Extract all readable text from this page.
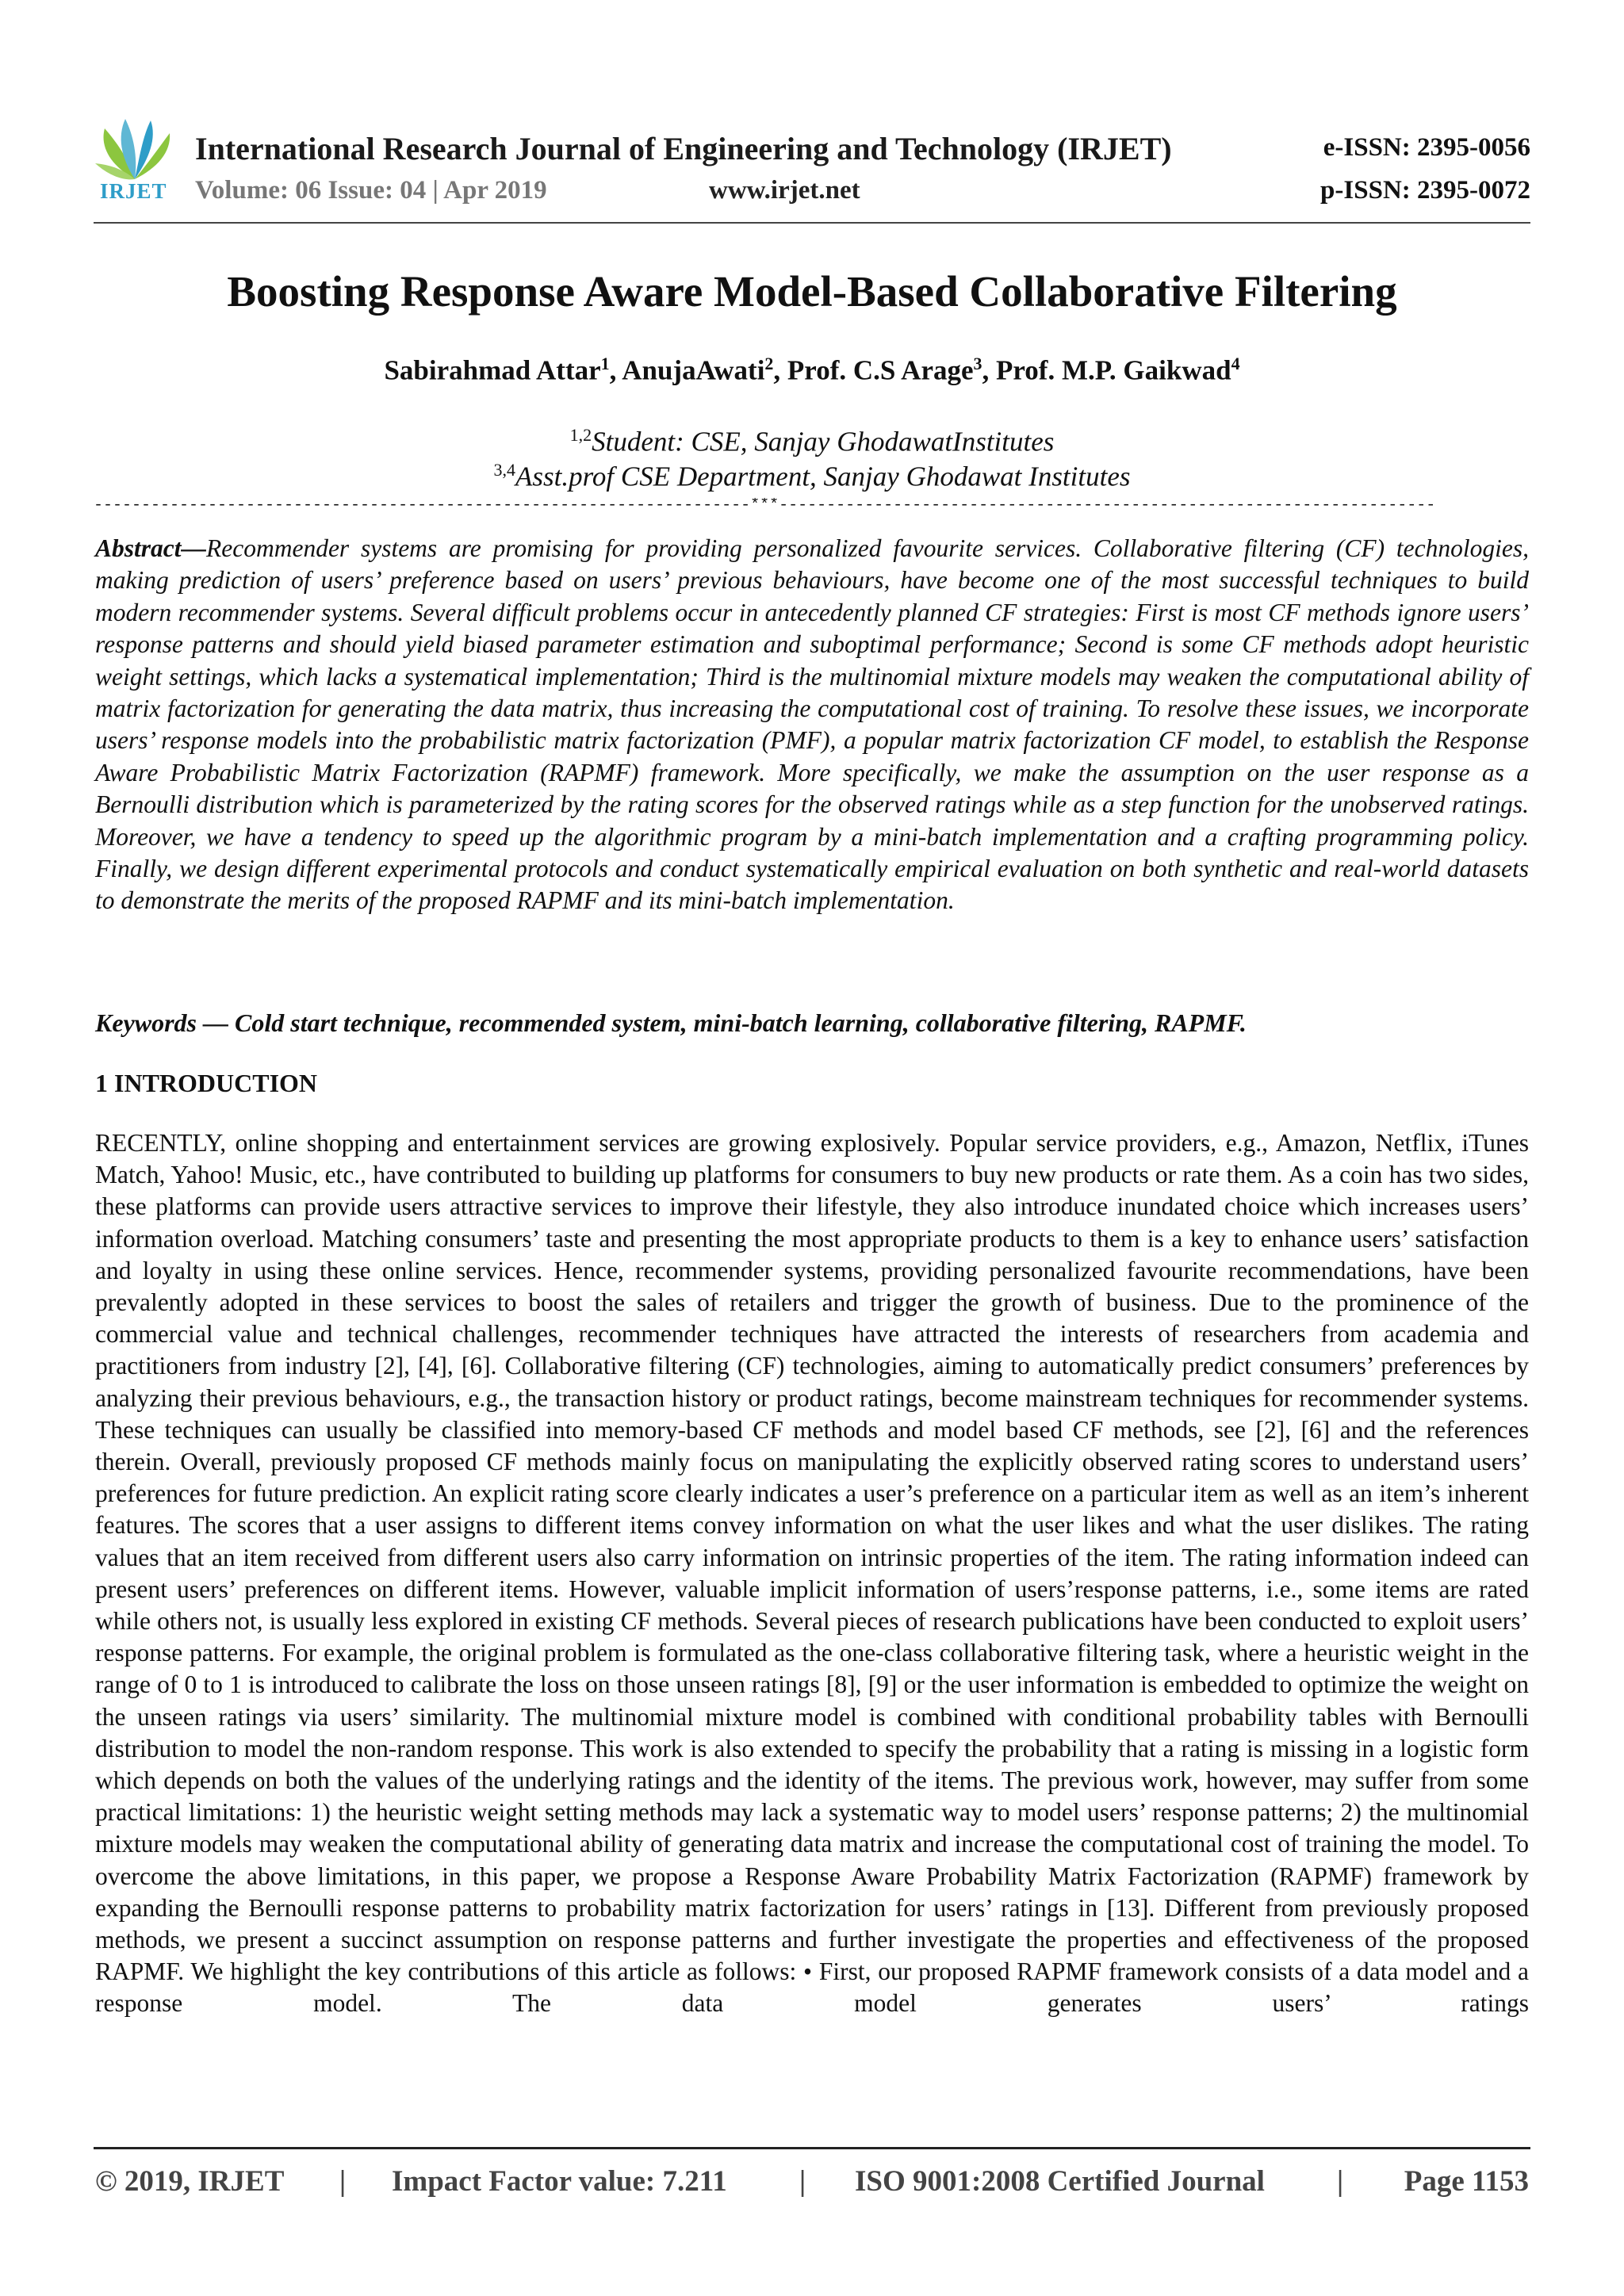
IRJET
International Research Journal of Engineering and Technology (IRJET)	e-ISSN: 2395-0056
Volume: 06 Issue: 04 | Apr 2019	www.irjet.net	p-ISSN: 2395-0072
Boosting Response Aware Model-Based Collaborative Filtering
Sabirahmad Attar$^1$, AnujaAwati$^2$, Prof. C.S Arage$^3$, Prof. M.P. Gaikwad$^4$
$^{1,2}$Student: CSE, Sanjay GhodawatInstitutes
$^{3,4}$Asst.prof CSE Department, Sanjay Ghodawat Institutes
---------------------------------------------------------------------***---------------------------------------------------------------------
Abstract—Recommender systems are promising for providing personalized favourite services. Collaborative filtering (CF) technologies, making prediction of users’ preference based on users’ previous behaviours, have become one of the most successful techniques to build modern recommender systems. Several difficult problems occur in antecedently planned CF strategies: First is most CF methods ignore users’ response patterns and should yield biased parameter estimation and suboptimal performance; Second is some CF methods adopt heuristic weight settings, which lacks a systematical implementation; Third is the multinomial mixture models may weaken the computational ability of matrix factorization for generating the data matrix, thus increasing the computational cost of training. To resolve these issues, we incorporate users’ response models into the probabilistic matrix factorization (PMF), a popular matrix factorization CF model, to establish the Response Aware Probabilistic Matrix Factorization (RAPMF) framework. More specifically, we make the assumption on the user response as a Bernoulli distribution which is parameterized by the rating scores for the observed ratings while as a step function for the unobserved ratings. Moreover, we have a tendency to speed up the algorithmic program by a mini-batch implementation and a crafting programming policy. Finally, we design different experimental protocols and conduct systematically empirical evaluation on both synthetic and real-world datasets to demonstrate the merits of the proposed RAPMF and its mini-batch implementation.
Keywords — Cold start technique, recommended system, mini-batch learning, collaborative filtering, RAPMF.
1 INTRODUCTION
RECENTLY, online shopping and entertainment services are growing explosively. Popular service providers, e.g., Amazon, Netflix, iTunes Match, Yahoo! Music, etc., have contributed to building up platforms for consumers to buy new products or rate them. As a coin has two sides, these platforms can provide users attractive services to improve their lifestyle, they also introduce inundated choice which increases users’ information overload. Matching consumers’ taste and presenting the most appropriate products to them is a key to enhance users’ satisfaction and loyalty in using these online services. Hence, recommender systems, providing personalized favourite recommendations, have been prevalently adopted in these services to boost the sales of retailers and trigger the growth of business. Due to the prominence of the commercial value and technical challenges, recommender techniques have attracted the interests of researchers from academia and practitioners from industry [2], [4], [6]. Collaborative filtering (CF) technologies, aiming to automatically predict consumers’ preferences by analyzing their previous behaviours, e.g., the transaction history or product ratings, become mainstream techniques for recommender systems. These techniques can usually be classified into memory-based CF methods and model based CF methods, see [2], [6] and the references therein. Overall, previously proposed CF methods mainly focus on manipulating the explicitly observed rating scores to understand users’ preferences for future prediction. An explicit rating score clearly indicates a user’s preference on a particular item as well as an item’s inherent features. The scores that a user assigns to different items convey information on what the user likes and what the user dislikes. The rating values that an item received from different users also carry information on intrinsic properties of the item. The rating information indeed can present users’ preferences on different items. However, valuable implicit information of users’response patterns, i.e., some items are rated while others not, is usually less explored in existing CF methods. Several pieces of research publications have been conducted to exploit users’ response patterns. For example, the original problem is formulated as the one-class collaborative filtering task, where a heuristic weight in the range of 0 to 1 is introduced to calibrate the loss on those unseen ratings [8], [9] or the user information is embedded to optimize the weight on the unseen ratings via users’ similarity. The multinomial mixture model is combined with conditional probability tables with Bernoulli distribution to model the non-random response. This work is also extended to specify the probability that a rating is missing in a logistic form which depends on both the values of the underlying ratings and the identity of the items. The previous work, however, may suffer from some practical limitations: 1) the heuristic weight setting methods may lack a systematic way to model users’ response patterns; 2) the multinomial mixture models may weaken the computational ability of generating data matrix and increase the computational cost of training the model. To overcome the above limitations, in this paper, we propose a Response Aware Probability Matrix Factorization (RAPMF) framework by expanding the Bernoulli response patterns to probability matrix factorization for users’ ratings in [13]. Different from previously proposed methods, we present a succinct assumption on response patterns and further investigate the properties and effectiveness of the proposed RAPMF. We highlight the key contributions of this article as follows: • First, our proposed RAPMF framework consists of a data model and a response model. The data model generates users’ ratings
© 2019, IRJET | Impact Factor value: 7.211 | ISO 9001:2008 Certified Journal | Page 1153
